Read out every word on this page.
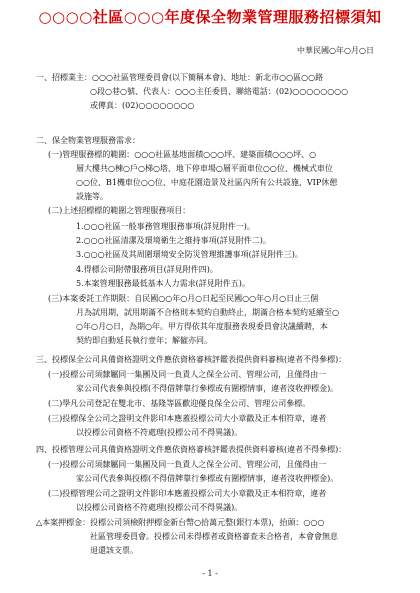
○○○○社區○○○年度保全物業管理服務招標須知
中華民國○年○月○日
一、招標業主：○○○社區管理委員會(以下簡稱本會)、地址：新北市○○區○○路
○段○巷○號、代表人：○○○主任委員、聯絡電話：(02)○○○○○○○○
或傳真：(02)○○○○○○○○
二、保全物業管理服務需求：
(一)管理服務標的範圍：○○○社區基地面積○○○坪、建築面積○○○坪、○
層大樓共○棟○戶○梯○塔、地下停車場○層平面車位○○位、機械式車位
○○位、B1機車位○○位、中庭花園造景及社區內所有公共設施、VIP休憩
設施等。
(二)上述招標標的範圍之管理服務項目：
1.○○○社區一般事務管理服務事項(詳見附件一)。
2.○○○社區清潔及環境衛生之維持事項(詳見附件二)。
3.○○○社區及其周圍環境安全防災管理維護事項(詳見附件三)。
4.得標公司附帶服務項目(詳見附件四)。
5.本案管理服務最低基本人力需求(詳見附件五)。
(三)本案委託工作期限：自民國○○年○月○日起至民國○○年○月○日止三個
月為試用期，試用期滿不合格則本契約自動終止，期滿合格本契約延續至○
○年○月○日，為期○年。甲方得依其年度服務表現委員會決議續聘，本
契約即自動延長執行壹年；解僱亦同。
三、投標保全公司具備資格證明文件應依資格審核評鑑表提供資料審核(違者不得參標)：
(一)投標公司須隸屬同一集團及同一負責人之保全公司、管理公司，且僅得由一
家公司代表參與投標(不得借牌靠行參標或有圍標情事，違者沒收押標金)。
(二)學凡公司登記在雙北市、基隆等區歡迎優良保全公司、管理公司參標。
(三)投標保全公司之證明文件影印本應蓋投標公司大小章戳及正本相符章，違者
以投標公司資格不符處理(投標公司不得異議)。
四、投標管理公司具備資格證明文件應依資格審核評鑑表提供資料審核(違者不得參標)：
(一)投標公司須隸屬同一集團及同一負責人之保全公司、管理公司，且僅得由一
家公司代表參與投標(不得借牌靠行參標或有圍標情事，違者沒收押標金)。
(二)投標管理公司之證明文件影印本應蓋投標公司大小章戳及正本相符章，違者
以投標公司資格不符處理(投標公司不得異議)。
△本案押標金：投標公司須檢附押標金新台幣○拾萬元整(銀行本票)，抬頭：○○○
社區管理委員會。投標公司未得標者或資格審查未合格者，本會會無息
退還該支票。
- 1 -
